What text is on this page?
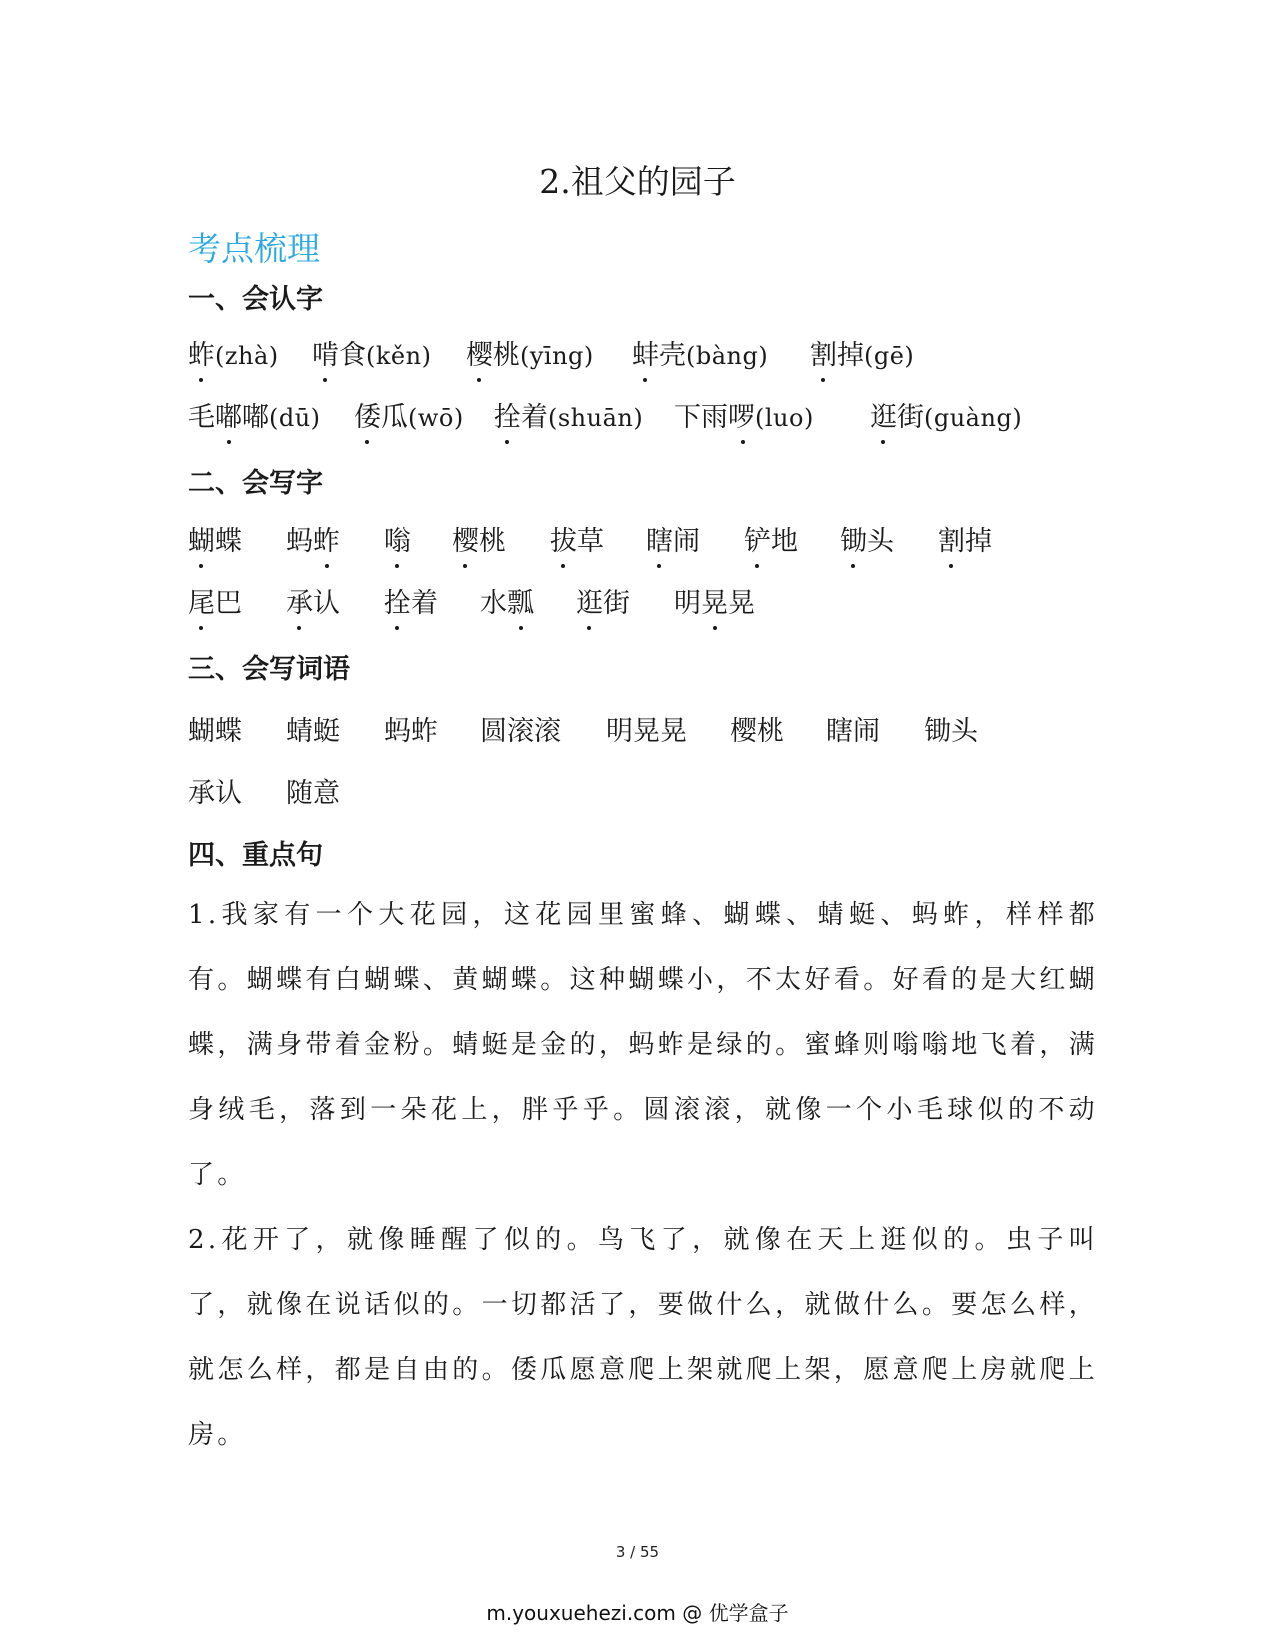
2.祖父的园子
考点梳理
一、会认字
蚱(zhà) 啃食(kěn) 樱桃(yīng) 蚌壳(bàng) 割掉(gē)
毛嘟嘟(dū) 倭瓜(wō) 拴着(shuān) 下雨啰(luo) 逛街(guàng)
二、会写字
蝴蝶 蚂蚱 嗡 樱桃 拔草 瞎闹 铲地 锄头 割掉
尾巴 承认 拴着 水瓢 逛街 明晃晃
三、会写词语
蝴蝶 蜻蜓 蚂蚱 圆滚滚 明晃晃 樱桃 瞎闹 锄头
承认 随意
四、重点句

1.我家有一个大花园，这花园里蜜蜂、蝴蝶、蜻蜓、蚂蚱，样样都有。蝴蝶有白蝴蝶、黄蝴蝶。这种蝴蝶小，不太好看。好看的是大红蝴蝶，满身带着金粉。蜻蜓是金的，蚂蚱是绿的。蜜蜂则嗡嗡地飞着，满身绒毛，落到一朵花上，胖乎乎。圆滚滚，就像一个小毛球似的不动了。

2.花开了，就像睡醒了似的。鸟飞了，就像在天上逛似的。虫子叫了，就像在说话似的。一切都活了，要做什么，就做什么。要怎么样，就怎么样，都是自由的。倭瓜愿意爬上架就爬上架，愿意爬上房就爬上房。

3 / 55
m.youxuehezi.com @ 优学盒子
